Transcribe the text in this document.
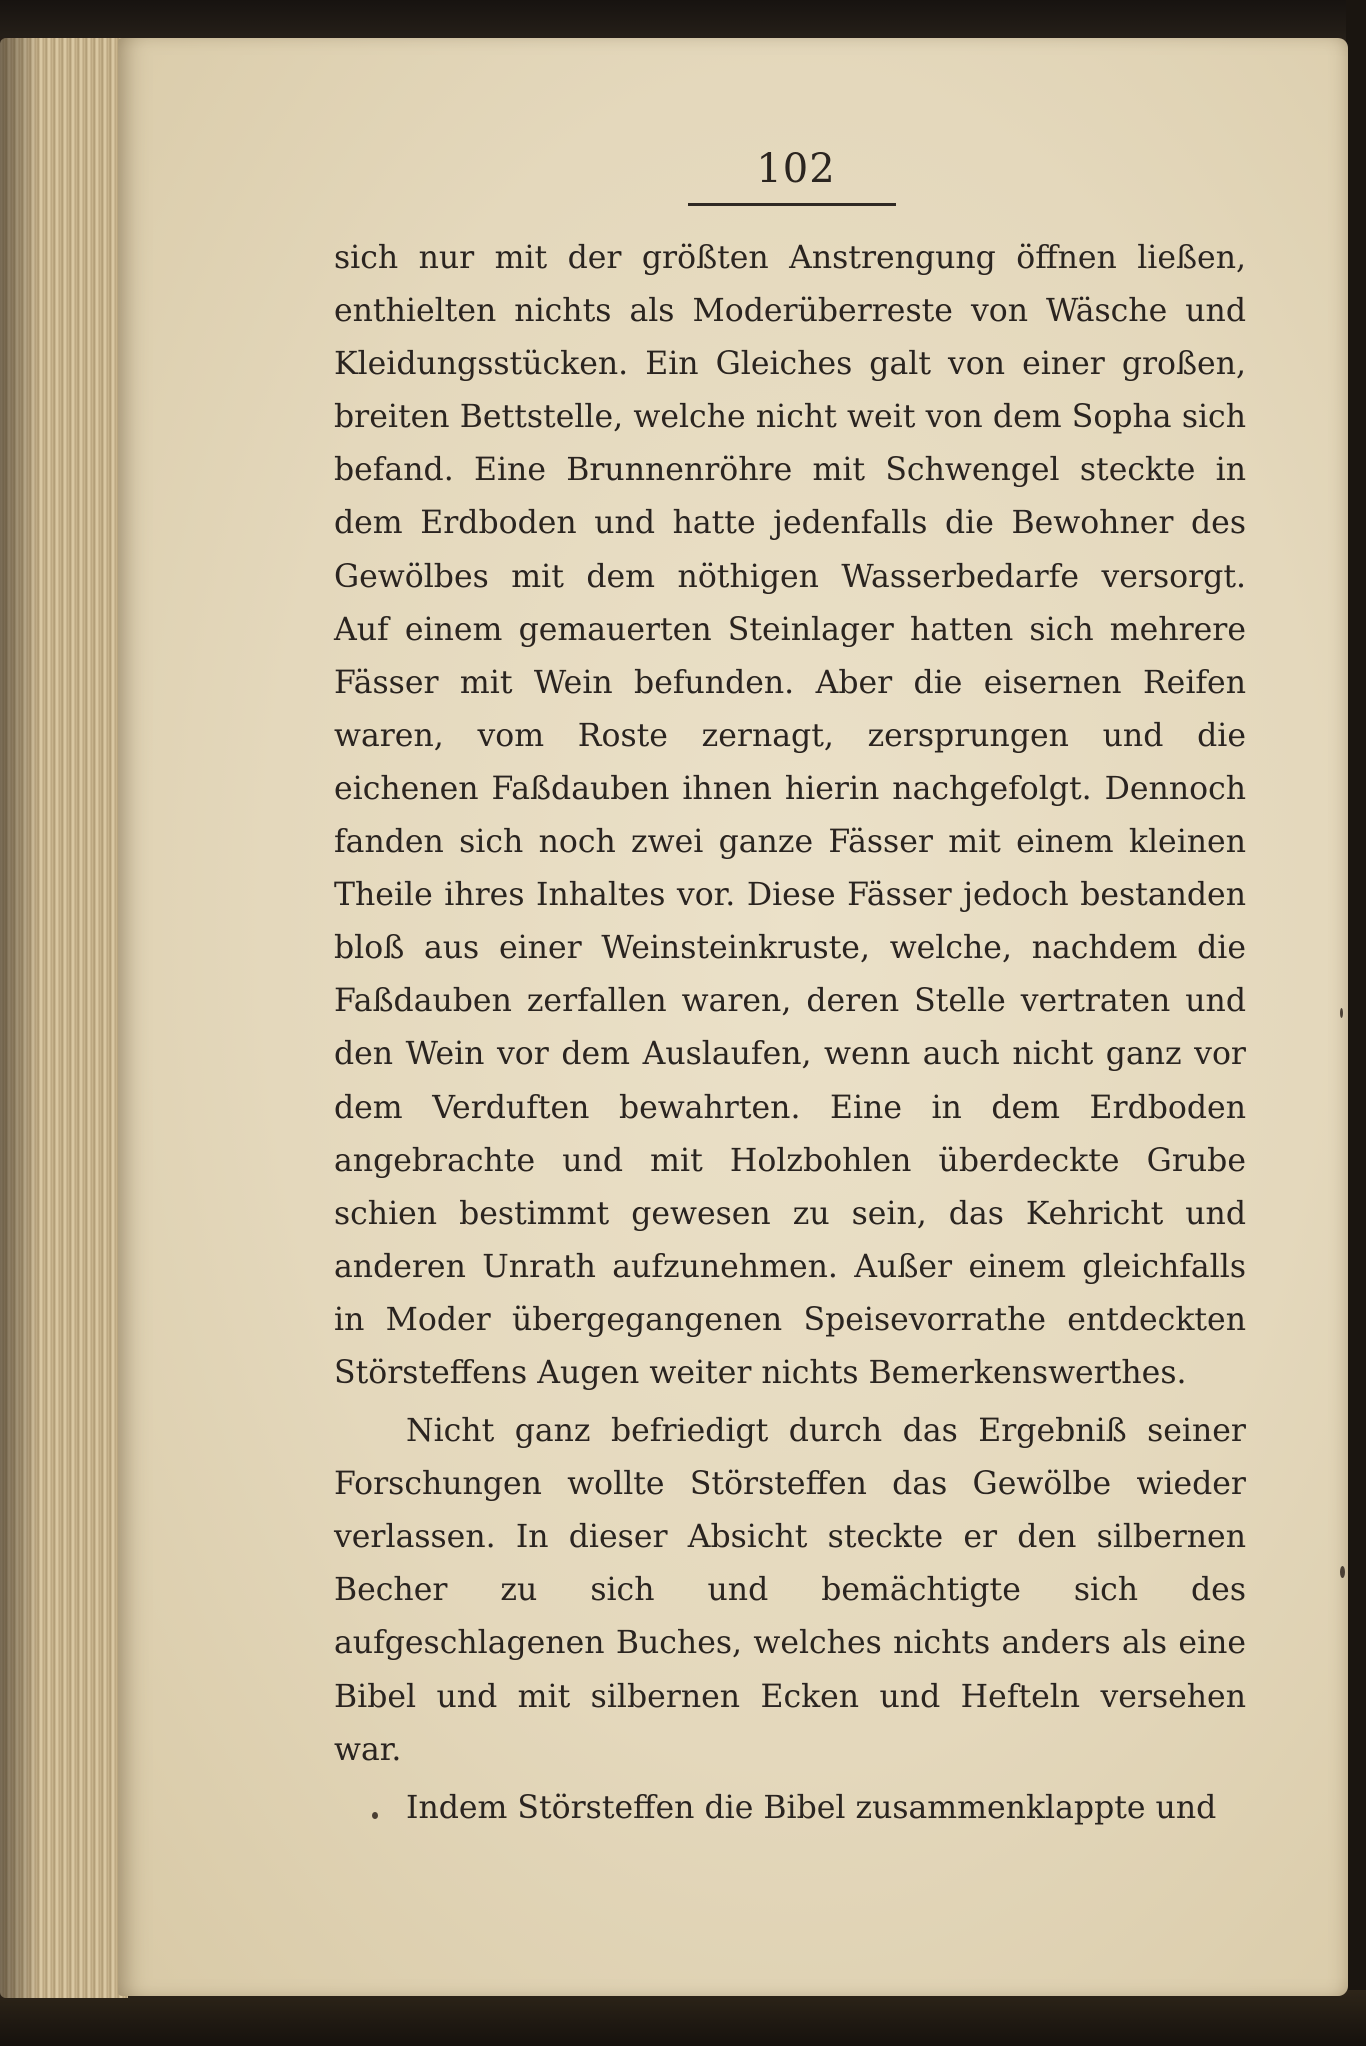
102

sich nur mit der größten Anstrengung öffnen ließen, enthielten nichts als Moderüberreste von Wäsche und Kleidungsstücken. Ein Gleiches galt von einer großen, breiten Bettstelle, welche nicht weit von dem Sopha sich befand. Eine Brunnenröhre mit Schwengel steckte in dem Erdboden und hatte jedenfalls die Bewohner des Gewölbes mit dem nöthigen Wasserbedarfe versorgt. Auf einem gemauerten Steinlager hatten sich mehrere Fässer mit Wein befunden. Aber die eisernen Reifen waren, vom Roste zernagt, zersprungen und die eichenen Faßdauben ihnen hierin nachgefolgt. Dennoch fanden sich noch zwei ganze Fässer mit einem kleinen Theile ihres Inhaltes vor. Diese Fässer jedoch bestanden bloß aus einer Weinsteinkruste, welche, nachdem die Faßdauben zerfallen waren, deren Stelle vertraten und den Wein vor dem Auslaufen, wenn auch nicht ganz vor dem Verduften bewahrten. Eine in dem Erdboden angebrachte und mit Holzbohlen überdeckte Grube schien bestimmt gewesen zu sein, das Kehricht und anderen Unrath aufzunehmen. Außer einem gleichfalls in Moder übergegangenen Speisevorrathe entdeckten Störsteffens Augen weiter nichts Bemerkenswerthes.

Nicht ganz befriedigt durch das Ergebniß seiner Forschungen wollte Störsteffen das Gewölbe wieder verlassen. In dieser Absicht steckte er den silbernen Becher zu sich und bemächtigte sich des aufgeschlagenen Buches, welches nichts anders als eine Bibel und mit silbernen Ecken und Hefteln versehen war.

Indem Störsteffen die Bibel zusammenklappte und
